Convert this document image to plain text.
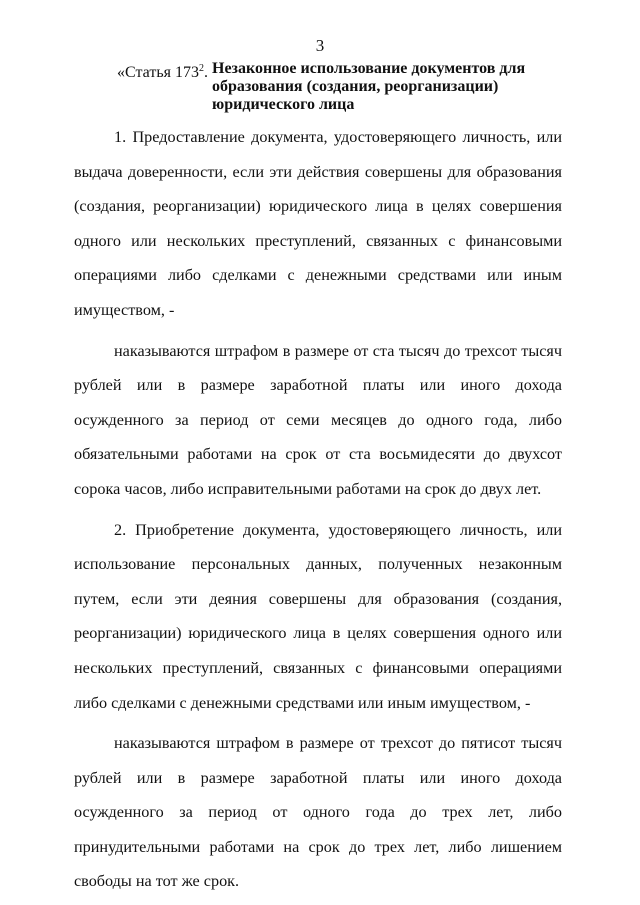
3
«Статья $173^2$. Незаконное использование документов для
образования (создания, реорганизации)
юридического лица

1. Предоставление документа, удостоверяющего личность, или выдача доверенности, если эти действия совершены для образования (создания, реорганизации) юридического лица в целях совершения одного или нескольких преступлений, связанных с финансовыми операциями либо сделками с денежными средствами или иным имуществом, -

наказываются штрафом в размере от ста тысяч до трехсот тысяч рублей или в размере заработной платы или иного дохода осужденного за период от семи месяцев до одного года, либо обязательными работами на срок от ста восьмидесяти до двухсот сорока часов, либо исправительными работами на срок до двух лет.

2. Приобретение документа, удостоверяющего личность, или использование персональных данных, полученных незаконным путем, если эти деяния совершены для образования (создания, реорганизации) юридического лица в целях совершения одного или нескольких преступлений, связанных с финансовыми операциями либо сделками с денежными средствами или иным имуществом, -

наказываются штрафом в размере от трехсот до пятисот тысяч рублей или в размере заработной платы или иного дохода осужденного за период от одного года до трех лет, либо принудительными работами на срок до трех лет, либо лишением свободы на тот же срок.
